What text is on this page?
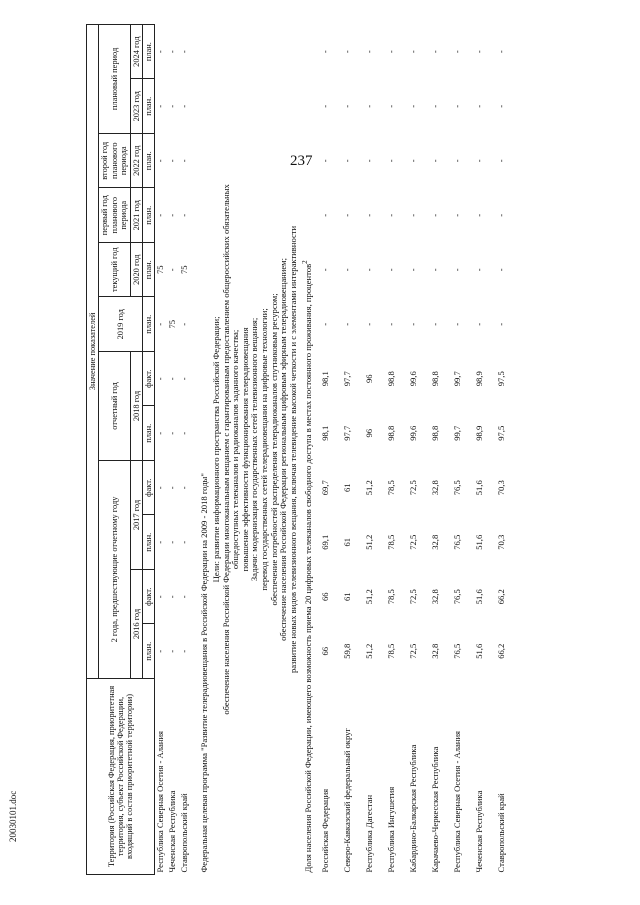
237
20030101.doc	Территория (Российская Федерация, приоритетная территория, субъект Российской Федерации, входящий в состав приоритетной территории)	Значение показателей											
	2 года, предшествующие отчетному году				отчетный год		2019 год	текущий год	первый год планового периода	второй год планового периода	плановый период	
	2016 год		2017 год		2018 год			2020 год	2021 год	2022 год	2023 год	2024 год
	план.	факт.	план.	факт.	план.	факт.	план.	план.	план.	план.	план.	план.
Республика Северная Осетия - Алания	-	-	-	-	-	-	-	75	-	-	-	-
Чеченская Республика	-	-	-	-	-	-	75	-	-	-	-	-
Ставропольский край	-	-	-	-	-	-	-	75	-	-	-	-

Федеральная целевая программа "Развитие телерадиовещания в Российской Федерации на 2009 - 2018 годы"												
Цели: развитие информационного пространства Российской Федерации;												
обеспечение населения Российской Федерации многоканальным вещанием с гарантированным предоставлением общероссийских обязательных												
общедоступных телеканалов и радиоканалов заданного качества;												
повышение эффективности функционирования телерадиовещания												
Задачи: модернизация государственных сетей телевизионного вещания;												
перевод государственных сетей телерадиовещания на цифровые технологии;												
обеспечение потребностей распределения телерадиоканалов спутниковым ресурсом;												
обеспечение населения Российской Федерации региональным цифровым эфирным телерадиовещанием;												
развитие новых видов телевизионного вещания, включая телевидение высокой четкости и с элементами интерактивности												
Доля населения Российской Федерации, имеющего возможность приема 20 цифровых телеканалов свободного доступа в местах постоянного проживания, процентов$^2$
Российская Федерация	66	66	69,1	69,7	98,1	98,1	-	-	-	-	-	-
Северо-Кавказский федеральный округ	59,8	61	61	61	97,7	97,7	-	-	-	-	-	-
Республика Дагестан	51,2	51,2	51,2	51,2	96	96	-	-	-	-	-	-
Республика Ингушетия	78,5	78,5	78,5	78,5	98,8	98,8	-	-	-	-	-	-
Кабардино-Балкарская Республика	72,5	72,5	72,5	72,5	99,6	99,6	-	-	-	-	-	-
Карачаево-Черкесская Республика	32,8	32,8	32,8	32,8	98,8	98,8	-	-	-	-	-	-
Республика Северная Осетия - Алания	76,5	76,5	76,5	76,5	99,7	99,7	-	-	-	-	-	-
Чеченская Республика	51,6	51,6	51,6	51,6	98,9	98,9	-	-	-	-	-	-
Ставропольский край	66,2	66,2	70,3	70,3	97,5	97,5	-	-	-	-	-	-
